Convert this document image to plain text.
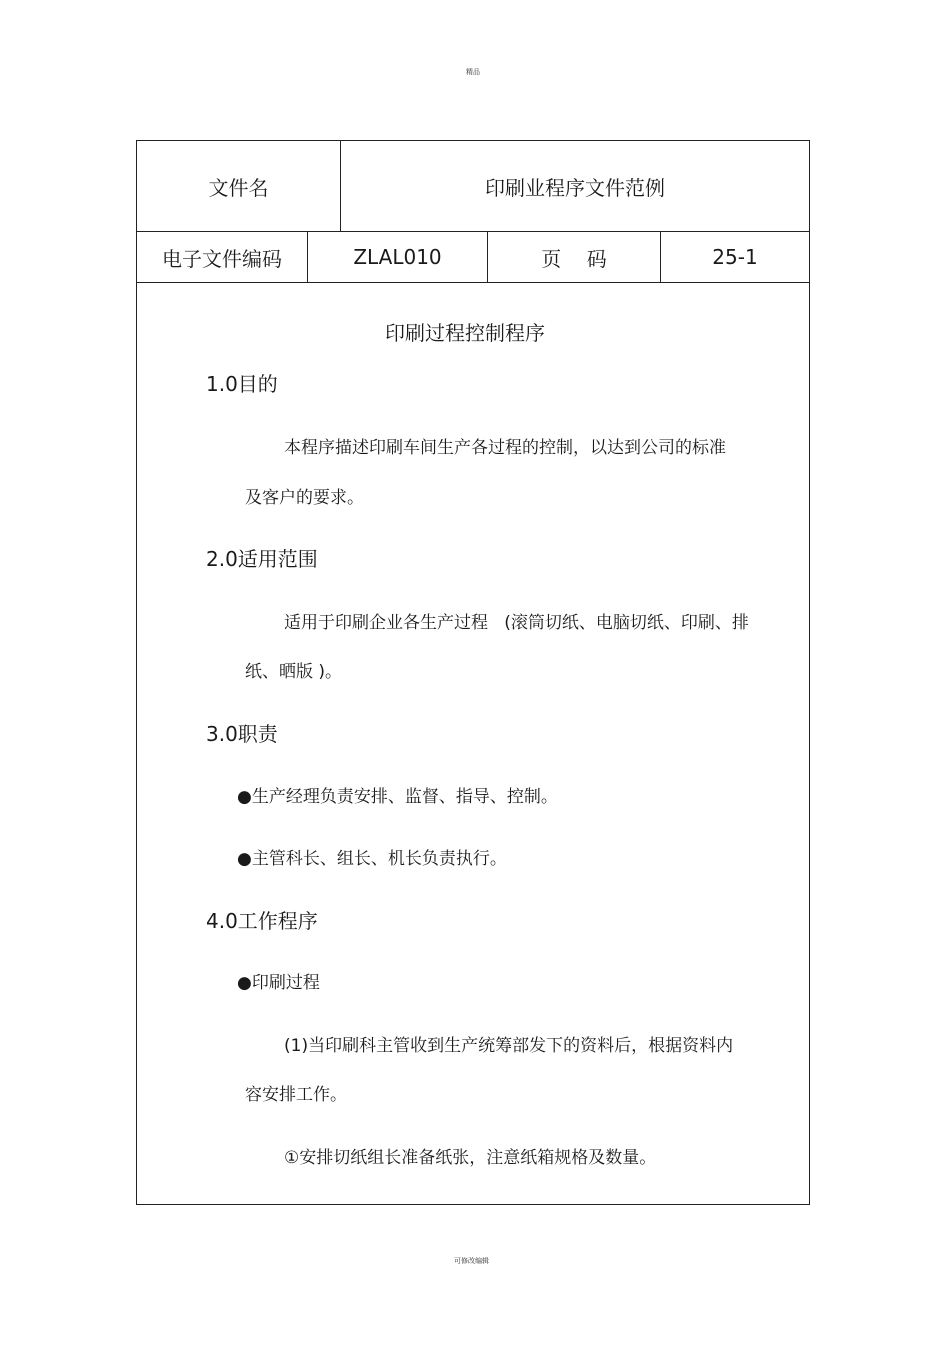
精品
文件名	印刷业程序文件范例
电子文件编码	ZLAL010	页    码	25-1
印刷过程控制程序
1.0目的
本程序描述印刷车间生产各过程的控制，以达到公司的标准
及客户的要求。
2.0适用范围
适用于印刷企业各生产过程   (滚筒切纸、电脑切纸、印刷、排
纸、晒版 )。
3.0职责
●生产经理负责安排、监督、指导、控制。
●主管科长、组长、机长负责执行。
4.0工作程序
●印刷过程
(1)当印刷科主管收到生产统筹部发下的资料后，根据资料内
容安排工作。
①安排切纸组长准备纸张，注意纸箱规格及数量。
可修改编辑
